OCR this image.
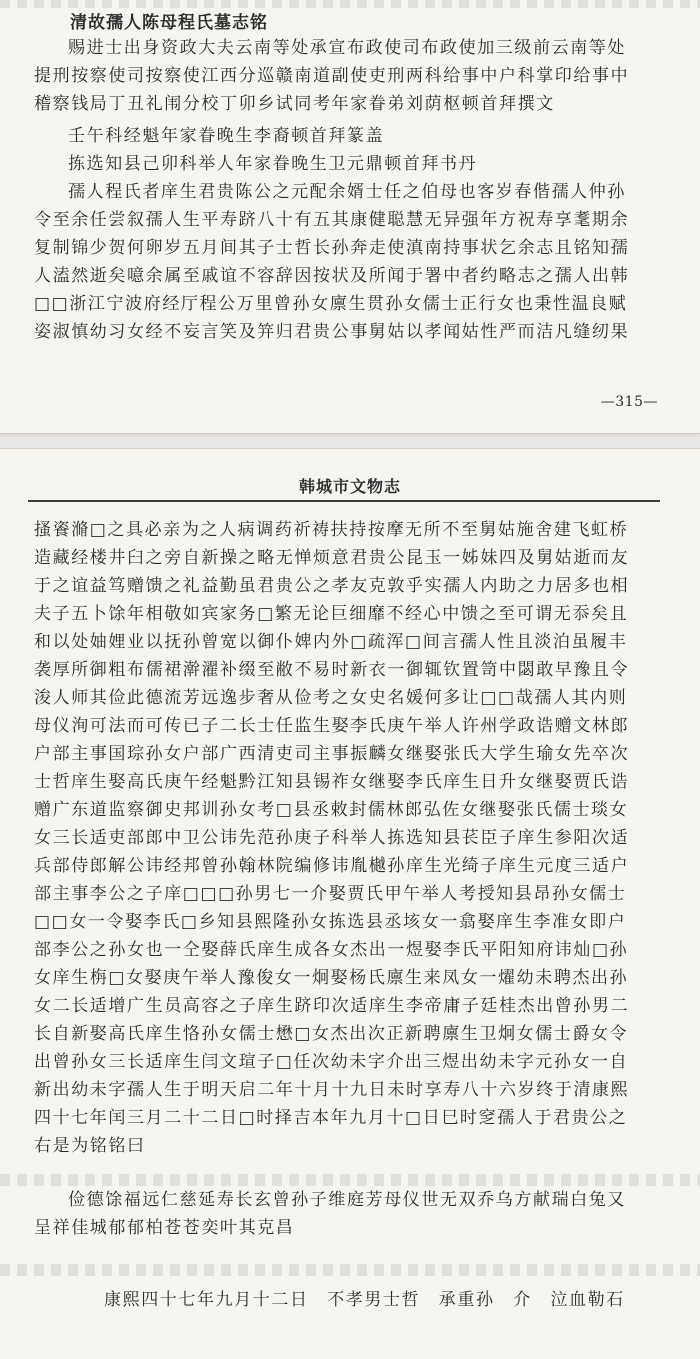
清故孺人陈母程氏墓志铭
赐进士出身资政大夫云南等处承宣布政使司布政使加三级前云南等处
提刑按察使司按察使江西分巡赣南道副使吏刑两科给事中户科掌印给事中
稽察钱局丁丑礼闱分校丁卯乡试同考年家眷弟刘荫枢顿首拜撰文
壬午科经魁年家眷晚生李裔顿首拜篆盖
拣选知县己卯科举人年家眷晚生卫元鼎顿首拜书丹
孺人程氏者庠生君贵陈公之元配余婿士任之伯母也客岁春偕孺人仲孙
令至余任尝叙孺人生平寿跻八十有五其康健聪慧无异强年方祝寿享耄期余
复制锦少贺何卵岁五月间其子士哲长孙奔走使滇南持事状乞余志且铭知孺
人溘然逝矣噫余属至戚谊不容辞因按状及所闻于署中者约略志之孺人出韩
□□浙江宁波府经厅程公万里曾孙女廪生贯孙女儒士正行女也秉性温良赋
姿淑慎幼习女经不妄言笑及笄归君贵公事舅姑以孝闻姑性严而洁凡缝纫果
—315—
韩城市文物志
搔餈滫□之具必亲为之人病调药祈祷扶持按摩无所不至舅姑施舍建飞虹桥
造藏经楼井臼之旁自新操之略无惮烦意君贵公昆玉一姊妹四及舅姑逝而友
于之谊益笃赠馈之礼益勤虽君贵公之孝友克敦乎实孺人内助之力居多也相
夫子五卜馀年相敬如宾家务□繁无论巨细靡不经心中馈之至可谓无忝矣且
和以处妯娌业以抚孙曾宽以御仆婢内外□疏浑□间言孺人性且淡泊虽履丰
袭厚所御粗布儒裙澣濯补缀至敝不易时新衣一御辄钦置笥中閟敢早豫且令
浚人师其俭此德流芳远逸步奢从俭考之女史名媛何多让□□哉孺人其内则
母仪洵可法而可传已子二长士任监生娶李氏庚午举人许州学政诰赠文林郎
户部主事国琮孙女户部广西清吏司主事振麟女继娶张氏大学生瑜女先卒次
士哲庠生娶高氏庚午经魁黔江知县锡祚女继娶李氏庠生日升女继娶贾氏诰
赠广东道监察御史邦训孙女考□县丞敕封儒林郎弘佐女继娶张氏儒士琰女
女三长适吏部郎中卫公讳先范孙庚子科举人拣选知县苌臣子庠生参阳次适
兵部侍郎解公讳经邦曾孙翰林院编修讳胤樾孙庠生光绮子庠生元度三适户
部主事李公之子庠□□□孙男七一介娶贾氏甲午举人考授知县昂孙女儒士
□□女一令娶李氏□乡知县熙隆孙女拣选县丞垓女一翕娶庠生李准女即户
部李公之孙女也一仝娶薛氏庠生成各女杰出一煜娶李氏平阳知府讳灿□孙
女庠生栴□女娶庚午举人豫俊女一炯娶杨氏廪生来凤女一燿幼未聘杰出孙
女二长适增广生员高容之子庠生跻印次适庠生李帝庸子廷桂杰出曾孙男二
长自新娶高氏庠生恪孙女儒士懋□女杰出次正新聘廪生卫炯女儒士爵女令
出曾孙女三长适庠生闫文瑄子□任次幼未字介出三煜出幼未字元孙女一自
新出幼未字孺人生于明天启二年十月十九日未时享寿八十六岁终于清康熙
四十七年闰三月二十二日□时择吉本年九月十□日巳时窆孺人于君贵公之
右是为铭铭曰
俭德馀福远仁慈延寿长玄曾孙子维庭芳母仪世无双乔乌方献瑞白兔又
呈祥佳城郁郁柏苍苍奕叶其克昌
康熙四十七年九月十二日　不孝男士哲　承重孙　介　泣血勒石
